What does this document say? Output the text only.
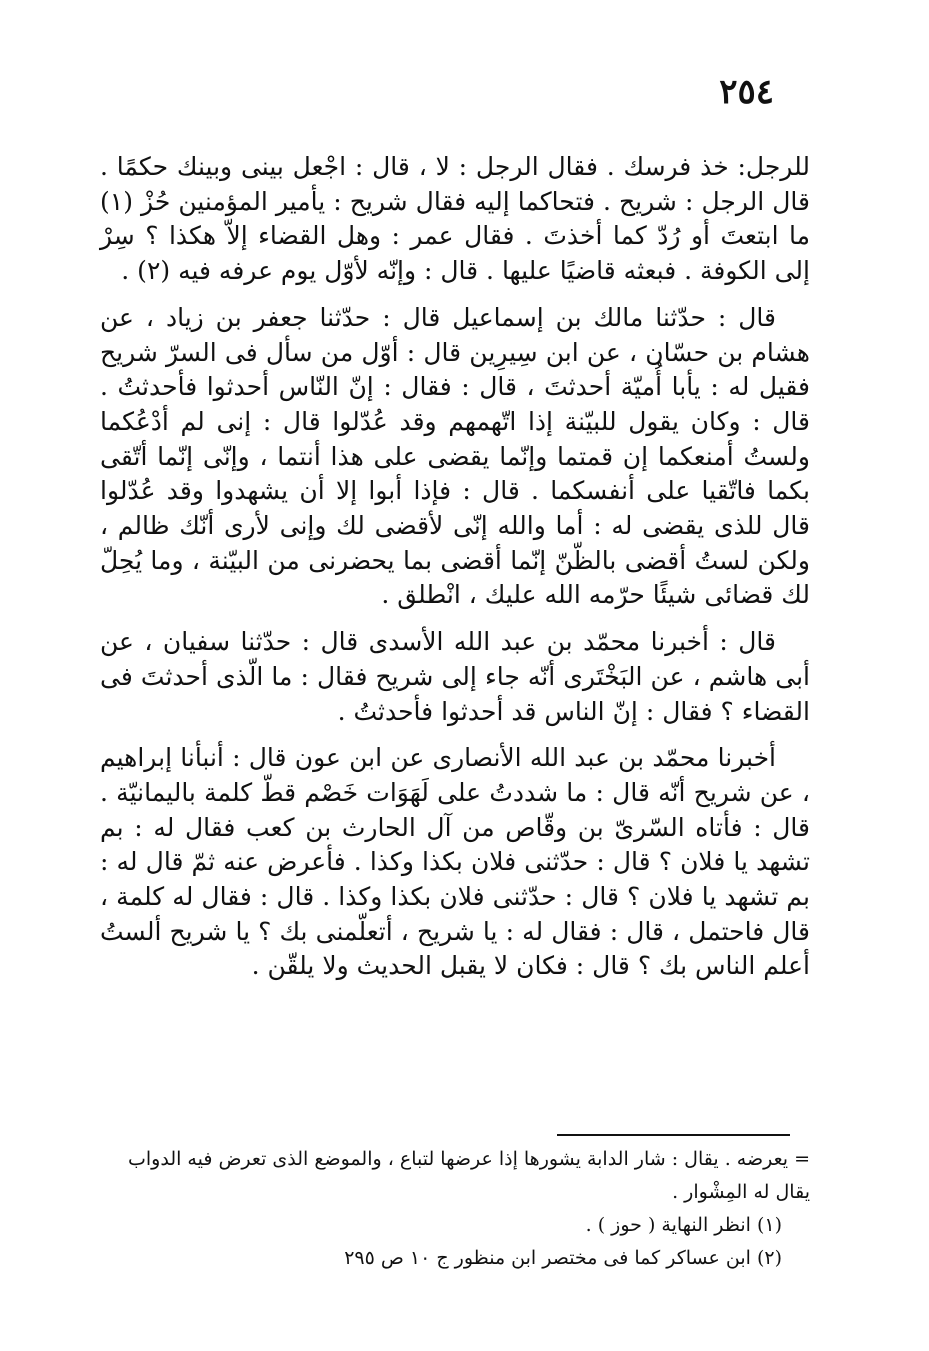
٢٥٤

للرجل: خذ فرسك . فقال الرجل : لا ، قال : اجْعل بينى وبينك حكمًا . قال الرجل : شريح . فتحاكما إليه فقال شريح : يأمير المؤمنين حُزْ (١) ما ابتعتَ أو رُدّ كما أخذتَ . فقال عمر : وهل القضاء إلاّ هكذا ؟ سِرْ إلى الكوفة . فبعثه قاضيًا عليها . قال : وإنّه لأوّل يوم عرفه فيه (٢) .

قال : حدّثنا مالك بن إسماعيل قال : حدّثنا جعفر بن زياد ، عن هشام بن حسّان ، عن ابن سِيرِين قال : أوّل من سأل فى السرّ شريح فقيل له : يأبا أُميّة أحدثتَ ، قال : فقال : إنّ النّاس أحدثوا فأحدثتُ . قال : وكان يقول للبيّنة إذا اتّهمهم وقد عُدّلوا قال : إنى لم أدْعُكما ولستُ أمنعكما إن قمتما وإنّما يقضى على هذا أنتما ، وإنّى إنّما أتّقى بكما فاتّقيا على أنفسكما . قال : فإذا أبوا إلا أن يشهدوا وقد عُدّلوا قال للذى يقضى له : أما والله إنّى لأقضى لك وإنى لأرى أنّك ظالم ، ولكن لستُ أقضى بالظّنّ إنّما أقضى بما يحضرنى من البيّنة ، وما يُحِلّ لك قضائى شيئًا حرّمه الله عليك ، انْطلق .

قال : أخبرنا محمّد بن عبد الله الأسدى قال : حدّثنا سفيان ، عن أبى هاشم ، عن البَخْتَرى أنّه جاء إلى شريح فقال : ما الّذى أحدثتَ فى القضاء ؟ فقال : إنّ الناس قد أحدثوا فأحدثتُ .

أخبرنا محمّد بن عبد الله الأنصارى عن ابن عون قال : أنبأنا إبراهيم ، عن شريح أنّه قال : ما شددتُ على لَهَوَات خَصْم قطّ كلمة باليمانيّة . قال : فأتاه السّرىّ بن وقّاص من آل الحارث بن كعب فقال له : بم تشهد يا فلان ؟ قال : حدّثنى فلان بكذا وكذا . فأعرض عنه ثمّ قال له : بم تشهد يا فلان ؟ قال : حدّثنى فلان بكذا وكذا . قال : فقال له كلمة ، قال فاحتمل ، قال : فقال له : يا شريح ، أتعلّمنى بك ؟ يا شريح ألستُ أعلم الناس بك ؟ قال : فكان لا يقبل الحديث ولا يلقّن .

= يعرضه . يقال : شار الدابة يشورها إذا عرضها لتباع ، والموضع الذى تعرض فيه الدواب يقال له المِشْوار .

(١) انظر النهاية ( حوز ) .

(٢) ابن عساكر كما فى مختصر ابن منظور ج ١٠ ص ٢٩٥
